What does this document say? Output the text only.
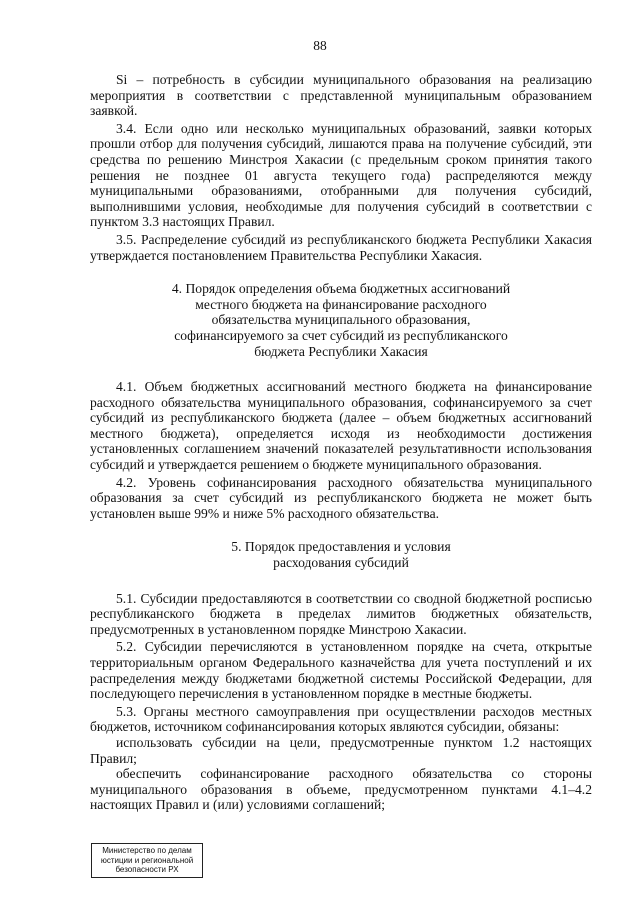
88

Si – потребность в субсидии муниципального образования на реализацию мероприятия в соответствии с представленной муниципальным образованием заявкой.

3.4. Если одно или несколько муниципальных образований, заявки которых прошли отбор для получения субсидий, лишаются права на получение субсидий, эти средства по решению Минстроя Хакасии (с предельным сроком принятия такого решения не позднее 01 августа текущего года) распределяются между муниципальными образованиями, отобранными для получения субсидий, выполнившими условия, необходимые для получения субсидий в соответствии с пунктом 3.3 настоящих Правил.

3.5. Распределение субсидий из республиканского бюджета Республики Хакасия утверждается постановлением Правительства Республики Хакасия.

4. Порядок определения объема бюджетных ассигнований
местного бюджета на финансирование расходного
обязательства муниципального образования,
софинансируемого за счет субсидий из республиканского
бюджета Республики Хакасия

4.1. Объем бюджетных ассигнований местного бюджета на финансирование расходного обязательства муниципального образования, софинансируемого за счет субсидий из республиканского бюджета (далее – объем бюджетных ассигнований местного бюджета), определяется исходя из необходимости достижения установленных соглашением значений показателей результативности использования субсидий и утверждается решением о бюджете муниципального образования.

4.2. Уровень софинансирования расходного обязательства муниципального образования за счет субсидий из республиканского бюджета не может быть установлен выше 99% и ниже 5% расходного обязательства.

5. Порядок предоставления и условия
расходования субсидий

5.1. Субсидии предоставляются в соответствии со сводной бюджетной росписью республиканского бюджета в пределах лимитов бюджетных обязательств, предусмотренных в установленном порядке Минстрою Хакасии.

5.2. Субсидии перечисляются в установленном порядке на счета, открытые территориальным органом Федерального казначейства для учета поступлений и их распределения между бюджетами бюджетной системы Российской Федерации, для последующего перечисления в установленном порядке в местные бюджеты.

5.3. Органы местного самоуправления при осуществлении расходов местных бюджетов, источником софинансирования которых являются субсидии, обязаны:

использовать субсидии на цели, предусмотренные пунктом 1.2 настоящих Правил;

обеспечить софинансирование расходного обязательства со стороны муниципального образования в объеме, предусмотренном пунктами 4.1–4.2 настоящих Правил и (или) условиями соглашений;

Министерство по делам
юстиции и региональной
безопасности РХ
